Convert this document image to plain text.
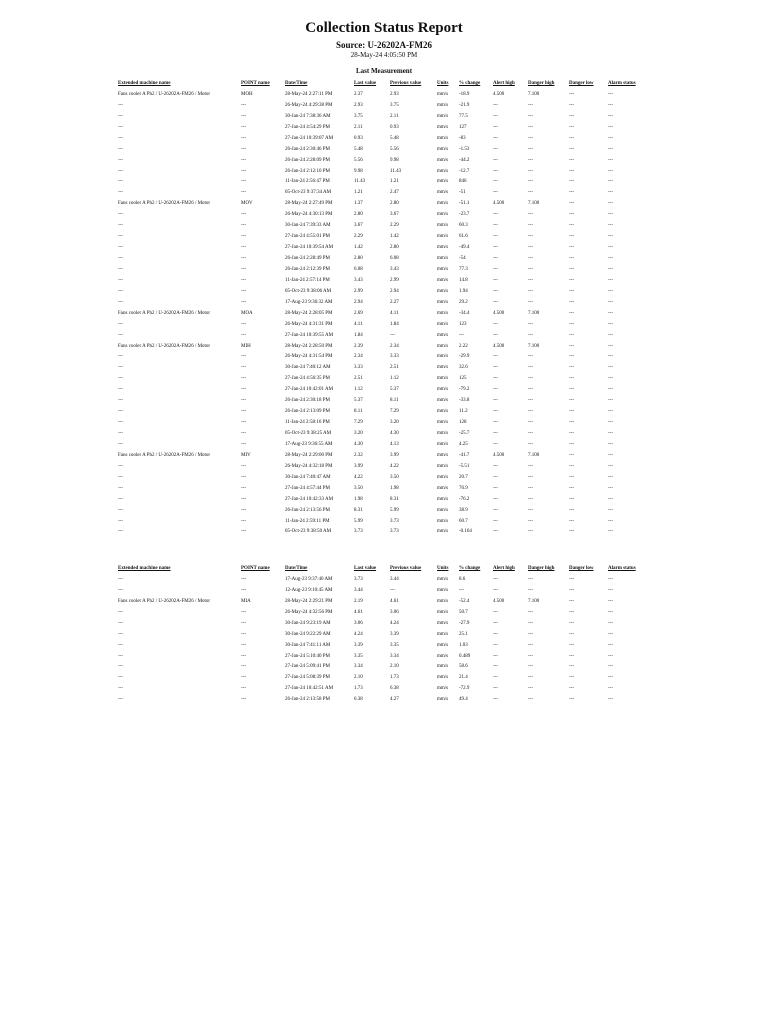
Collection Status Report
Source: U-26202A-FM26
28-May-24 4:05:50 PM
Last Measurement
Extended machine name	POINT name	Date/Time	Last value	Previous value	Units	% change	Alert high	Danger high	Danger low	Alarm status
Fans cooler A Ph2 / U-26202A-FM26 / Motor	MOH	28-May-24 2:27:11 PM	2.37	2.93	mm/s	-18.9	4.500	7.100	---	---
---	---	26-May-24 4:29:38 PM	2.93	3.75	mm/s	-21.9	---	---	---	---
---	---	30-Jan-24 7:38:36 AM	3.75	2.11	mm/s	77.5	---	---	---	---
---	---	27-Jan-24 4:54:29 PM	2.11	0.93	mm/s	127	---	---	---	---
---	---	27-Jan-24 10:39:07 AM	0.93	5.48	mm/s	-83	---	---	---	---
---	---	26-Jan-24 2:30:46 PM	5.48	5.56	mm/s	-1.53	---	---	---	---
---	---	26-Jan-24 2:28:09 PM	5.56	9.98	mm/s	-44.2	---	---	---	---
---	---	26-Jan-24 2:12:10 PM	9.98	11.43	mm/s	-12.7	---	---	---	---
---	---	11-Jan-24 2:56:47 PM	11.43	1.21	mm/s	846	---	---	---	---
---	---	05-Oct-23 9:37:34 AM	1.21	2.47	mm/s	-51	---	---	---	---
Fans cooler A Ph2 / U-26202A-FM26 / Motor	MOV	28-May-24 2:27:49 PM	1.37	2.80	mm/s	-51.1	4.500	7.100	---	---
---	---	26-May-24 4:30:13 PM	2.80	3.67	mm/s	-23.7	---	---	---	---
---	---	30-Jan-24 7:39:33 AM	3.67	2.29	mm/s	60.3	---	---	---	---
---	---	27-Jan-24 4:55:01 PM	2.29	1.42	mm/s	61.6	---	---	---	---
---	---	27-Jan-24 10:39:54 AM	1.42	2.80	mm/s	-49.4	---	---	---	---
---	---	26-Jan-24 2:28:49 PM	2.80	6.08	mm/s	-54	---	---	---	---
---	---	26-Jan-24 2:12:39 PM	6.08	3.43	mm/s	77.3	---	---	---	---
---	---	11-Jan-24 2:57:14 PM	3.43	2.99	mm/s	14.8	---	---	---	---
---	---	05-Oct-23 9:38:06 AM	2.99	2.94	mm/s	1.94	---	---	---	---
---	---	17-Aug-23 9:36:32 AM	2.94	2.27	mm/s	29.2	---	---	---	---
Fans cooler A Ph2 / U-26202A-FM26 / Motor	MOA	28-May-24 2:28:05 PM	2.69	4.11	mm/s	-34.4	4.500	7.100	---	---
---	---	26-May-24 4:31:31 PM	4.11	1.84	mm/s	123	---	---	---	---
---	---	27-Jan-24 10:39:55 AM	1.84	---	mm/s	---	---	---	---	---
Fans cooler A Ph2 / U-26202A-FM26 / Motor	MIH	28-May-24 2:28:50 PM	2.39	2.34	mm/s	2.22	4.500	7.100	---	---
---	---	26-May-24 4:31:54 PM	2.34	3.33	mm/s	-29.9	---	---	---	---
---	---	30-Jan-24 7:40:12 AM	3.33	2.51	mm/s	32.6	---	---	---	---
---	---	27-Jan-24 4:56:35 PM	2.51	1.12	mm/s	125	---	---	---	---
---	---	27-Jan-24 10:42:01 AM	1.12	5.37	mm/s	-79.2	---	---	---	---
---	---	26-Jan-24 2:30:18 PM	5.37	8.11	mm/s	-33.8	---	---	---	---
---	---	26-Jan-24 2:13:09 PM	8.11	7.29	mm/s	11.2	---	---	---	---
---	---	11-Jan-24 2:58:16 PM	7.29	3.20	mm/s	128	---	---	---	---
---	---	05-Oct-23 9:38:25 AM	3.20	4.30	mm/s	-25.7	---	---	---	---
---	---	17-Aug-23 9:36:55 AM	4.30	4.13	mm/s	4.25	---	---	---	---
Fans cooler A Ph2 / U-26202A-FM26 / Motor	MIV	28-May-24 2:29:00 PM	2.32	3.99	mm/s	-41.7	4.500	7.100	---	---
---	---	26-May-24 4:32:18 PM	3.99	4.22	mm/s	-5.51	---	---	---	---
---	---	30-Jan-24 7:40:47 AM	4.22	3.50	mm/s	20.7	---	---	---	---
---	---	27-Jan-24 4:57:44 PM	3.50	1.98	mm/s	76.9	---	---	---	---
---	---	27-Jan-24 10:42:33 AM	1.98	8.31	mm/s	-76.2	---	---	---	---
---	---	26-Jan-24 2:13:56 PM	8.31	5.99	mm/s	38.9	---	---	---	---
---	---	11-Jan-24 2:59:11 PM	5.99	3.73	mm/s	60.7	---	---	---	---
---	---	05-Oct-23 9:38:50 AM	3.73	3.73	mm/s	-0.164	---	---	---	---
Extended machine name	POINT name	Date/Time	Last value	Previous value	Units	% change	Alert high	Danger high	Danger low	Alarm status
---	---	17-Aug-23 9:37:40 AM	3.73	3.44	mm/s	8.6	---	---	---	---
---	---	12-Aug-23 9:10:45 AM	3.44	---	mm/s	---	---	---	---	---
Fans cooler A Ph2 / U-26202A-FM26 / Motor	MIA	28-May-24 2:29:21 PM	2.19	4.61	mm/s	-52.4	4.500	7.100	---	---
---	---	26-May-24 4:32:56 PM	4.61	3.06	mm/s	50.7	---	---	---	---
---	---	30-Jan-24 9:23:19 AM	3.06	4.24	mm/s	-27.9	---	---	---	---
---	---	30-Jan-24 9:22:29 AM	4.24	3.39	mm/s	25.1	---	---	---	---
---	---	30-Jan-24 7:41:11 AM	3.39	3.35	mm/s	1.03	---	---	---	---
---	---	27-Jan-24 5:10:40 PM	3.35	3.34	mm/s	0.489	---	---	---	---
---	---	27-Jan-24 5:09:41 PM	3.34	2.10	mm/s	58.6	---	---	---	---
---	---	27-Jan-24 5:08:39 PM	2.10	1.73	mm/s	21.4	---	---	---	---
---	---	27-Jan-24 10:42:51 AM	1.73	6.38	mm/s	-72.9	---	---	---	---
---	---	26-Jan-24 2:13:58 PM	6.38	4.27	mm/s	49.4	---	---	---	---
